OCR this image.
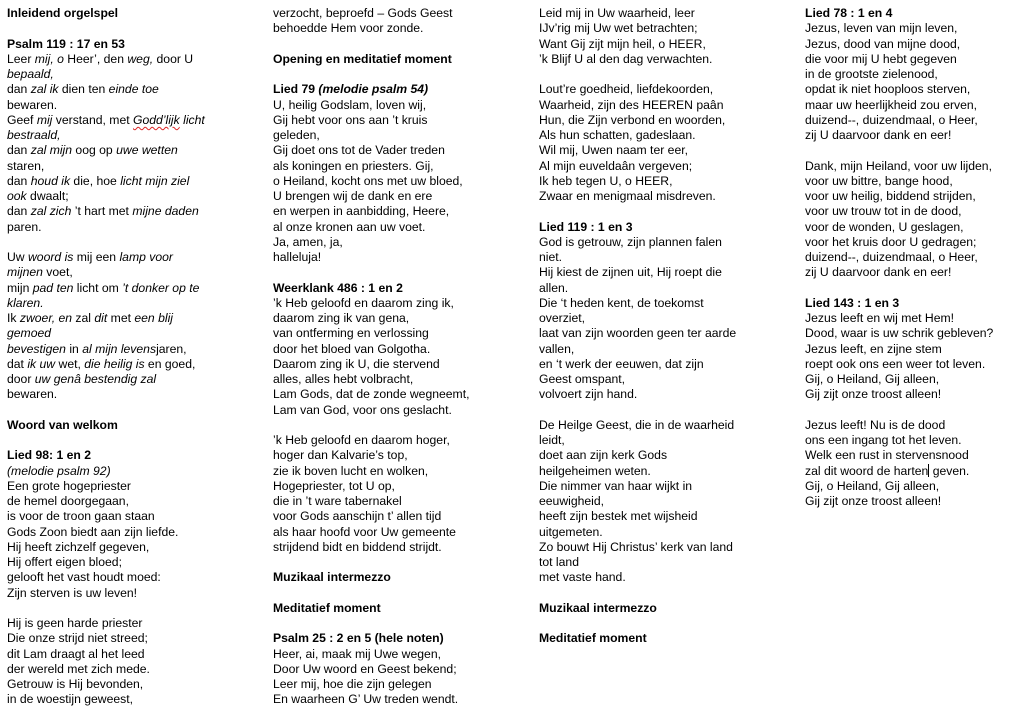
Inleidend orgelspel
Psalm 119 : 17 en 53
Leer mij, o Heer’, den weg, door U
bepaald,
dan zal ik dien ten einde toe
bewaren.
Geef mij verstand, met Godd’lijk licht
bestraald,
dan zal mijn oog op uwe wetten
staren,
dan houd ik die, hoe licht mijn ziel
ook dwaalt;
dan zal zich ’t hart met mijne daden
paren.
Uw woord is mij een lamp voor
mijnen voet,
mijn pad ten licht om ’t donker op te
klaren.
Ik zwoer, en zal dit met een blij
gemoed
bevestigen in al mijn levensjaren,
dat ik uw wet, die heilig is en goed,
door uw genâ bestendig zal
bewaren.
Woord van welkom
Lied 98: 1 en 2
(melodie psalm 92)
Een grote hogepriester
de hemel doorgegaan,
is voor de troon gaan staan
Gods Zoon biedt aan zijn liefde.
Hij heeft zichzelf gegeven,
Hij offert eigen bloed;
gelooft het vast houdt moed:
Zijn sterven is uw leven!
Hij is geen harde priester
Die onze strijd niet streed;
dit Lam draagt al het leed
der wereld met zich mede.
Getrouw is Hij bevonden,
in de woestijn geweest,
verzocht, beproefd – Gods Geest
behoedde Hem voor zonde.
Opening en meditatief moment
Lied 79 (melodie psalm 54)
U, heilig Godslam, loven wij,
Gij hebt voor ons aan ’t kruis
geleden,
Gij doet ons tot de Vader treden
als koningen en priesters. Gij,
o Heiland, kocht ons met uw bloed,
U brengen wij de dank en ere
en werpen in aanbidding, Heere,
al onze kronen aan uw voet.
Ja, amen, ja,
halleluja!
Weerklank 486 : 1 en 2
’k Heb geloofd en daarom zing ik,
daarom zing ik van gena,
van ontferming en verlossing
door het bloed van Golgotha.
Daarom zing ik U, die stervend
alles, alles hebt volbracht,
Lam Gods, dat de zonde wegneemt,
Lam van God, voor ons geslacht.
’k Heb geloofd en daarom hoger,
hoger dan Kalvarie’s top,
zie ik boven lucht en wolken,
Hogepriester, tot U op,
die in ’t ware tabernakel
voor Gods aanschijn t’ allen tijd
als haar hoofd voor Uw gemeente
strijdend bidt en biddend strijdt.
Muzikaal intermezzo
Meditatief moment
Psalm 25 : 2 en 5 (hele noten)
Heer, ai, maak mij Uwe wegen,
Door Uw woord en Geest bekend;
Leer mij, hoe die zijn gelegen
En waarheen G’ Uw treden wendt.
Leid mij in Uw waarheid, leer
IJv’rig mij Uw wet betrachten;
Want Gij zijt mijn heil, o HEER,
’k Blijf U al den dag verwachten.
Lout’re goedheid, liefdekoorden,
Waarheid, zijn des HEEREN paân
Hun, die Zijn verbond en woorden,
Als hun schatten, gadeslaan.
Wil mij, Uwen naam ter eer,
Al mijn euveldaân vergeven;
Ik heb tegen U, o HEER,
Zwaar en menigmaal misdreven.
Lied 119 : 1 en 3
God is getrouw, zijn plannen falen
niet.
Hij kiest de zijnen uit, Hij roept die
allen.
Die ‘t heden kent, de toekomst
overziet,
laat van zijn woorden geen ter aarde
vallen,
en ‘t werk der eeuwen, dat zijn
Geest omspant,
volvoert zijn hand.
De Heilge Geest, die in de waarheid
leidt,
doet aan zijn kerk Gods
heilgeheimen weten.
Die nimmer van haar wijkt in
eeuwigheid,
heeft zijn bestek met wijsheid
uitgemeten.
Zo bouwt Hij Christus’ kerk van land
tot land
met vaste hand.
Muzikaal intermezzo
Meditatief moment
Lied 78 : 1 en 4
Jezus, leven van mijn leven,
Jezus, dood van mijne dood,
die voor mij U hebt gegeven
in de grootste zielenood,
opdat ik niet hooploos sterven,
maar uw heerlijkheid zou erven,
duizend--, duizendmaal, o Heer,
zij U daarvoor dank en eer!
Dank, mijn Heiland, voor uw lijden,
voor uw bittre, bange hood,
voor uw heilig, biddend strijden,
voor uw trouw tot in de dood,
voor de wonden, U geslagen,
voor het kruis door U gedragen;
duizend--, duizendmaal, o Heer,
zij U daarvoor dank en eer!
Lied 143 : 1 en 3
Jezus leeft en wij met Hem!
Dood, waar is uw schrik gebleven?
Jezus leeft, en zijne stem
roept ook ons een weer tot leven.
Gij, o Heiland, Gij alleen,
Gij zijt onze troost alleen!
Jezus leeft! Nu is de dood
ons een ingang tot het leven.
Welk een rust in stervensnood
zal dit woord de harten geven.
Gij, o Heiland, Gij alleen,
Gij zijt onze troost alleen!
